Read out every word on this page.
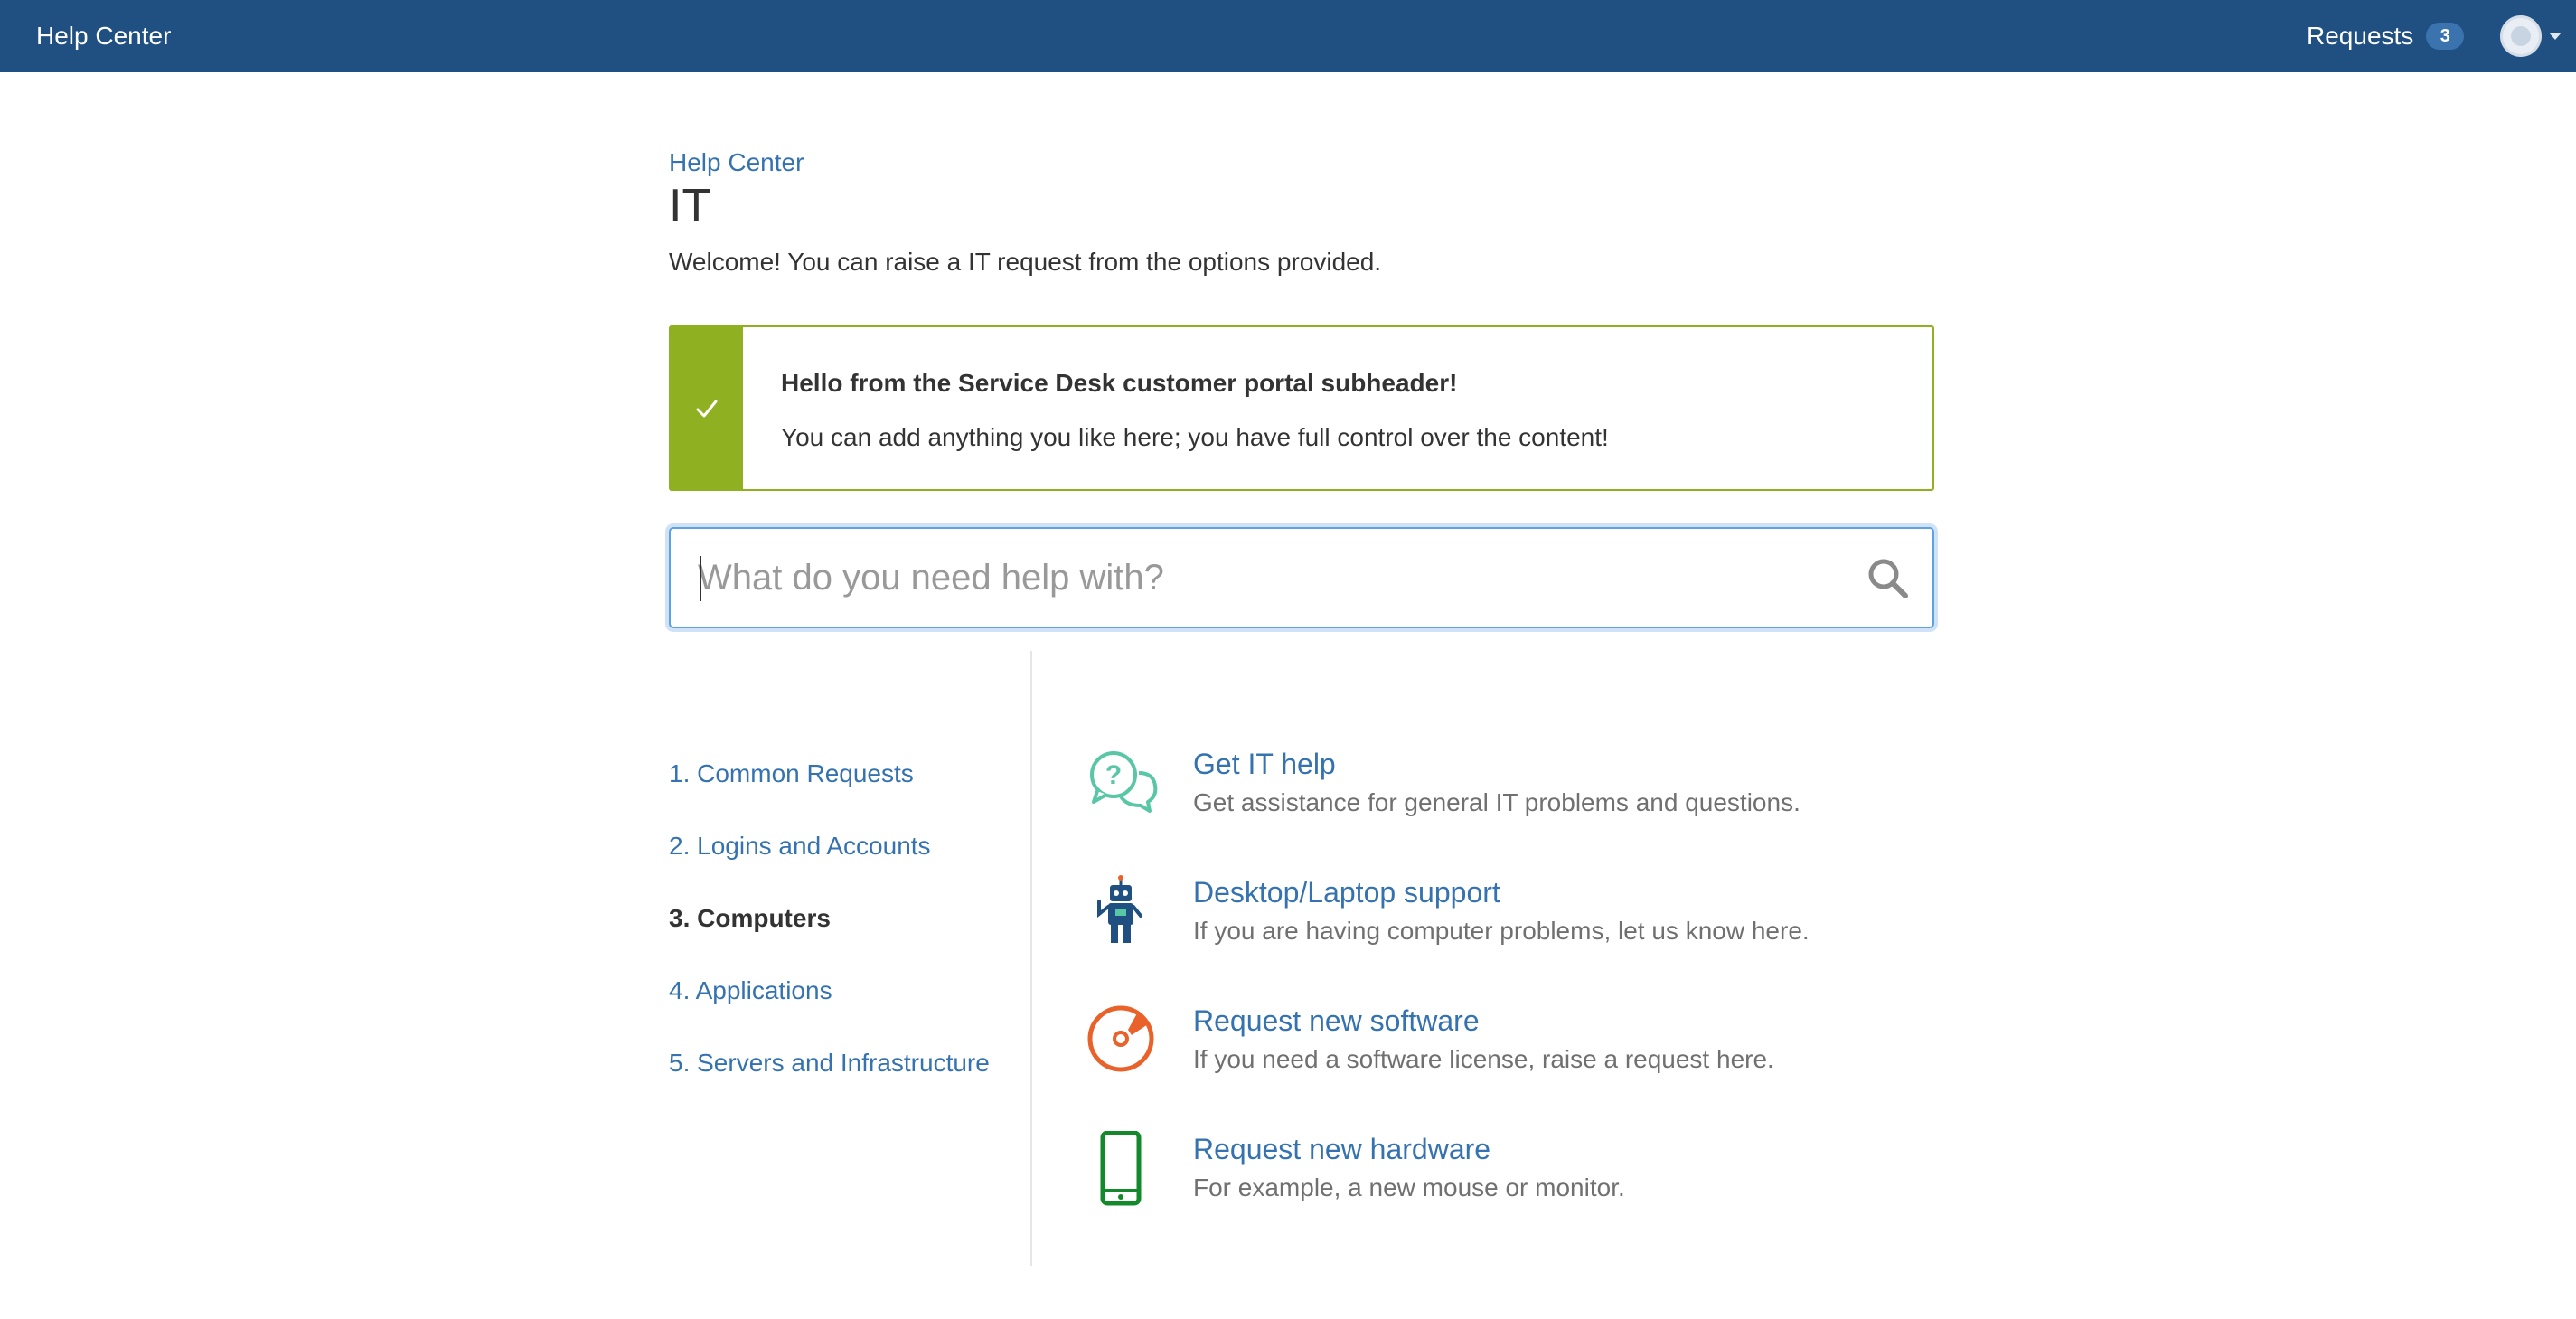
Help Center	Requests	3
Help Center
IT
Welcome! You can raise a IT request from the options provided.
Hello from the Service Desk customer portal subheader!
You can add anything you like here; you have full control over the content!
What do you need help with?
1. Common Requests
2. Logins and Accounts
3. Computers
4. Applications
5. Servers and Infrastructure
? Get IT help
Get assistance for general IT problems and questions.
Desktop/Laptop support
If you are having computer problems, let us know here.
Request new software
If you need a software license, raise a request here.
Request new hardware
For example, a new mouse or monitor.
